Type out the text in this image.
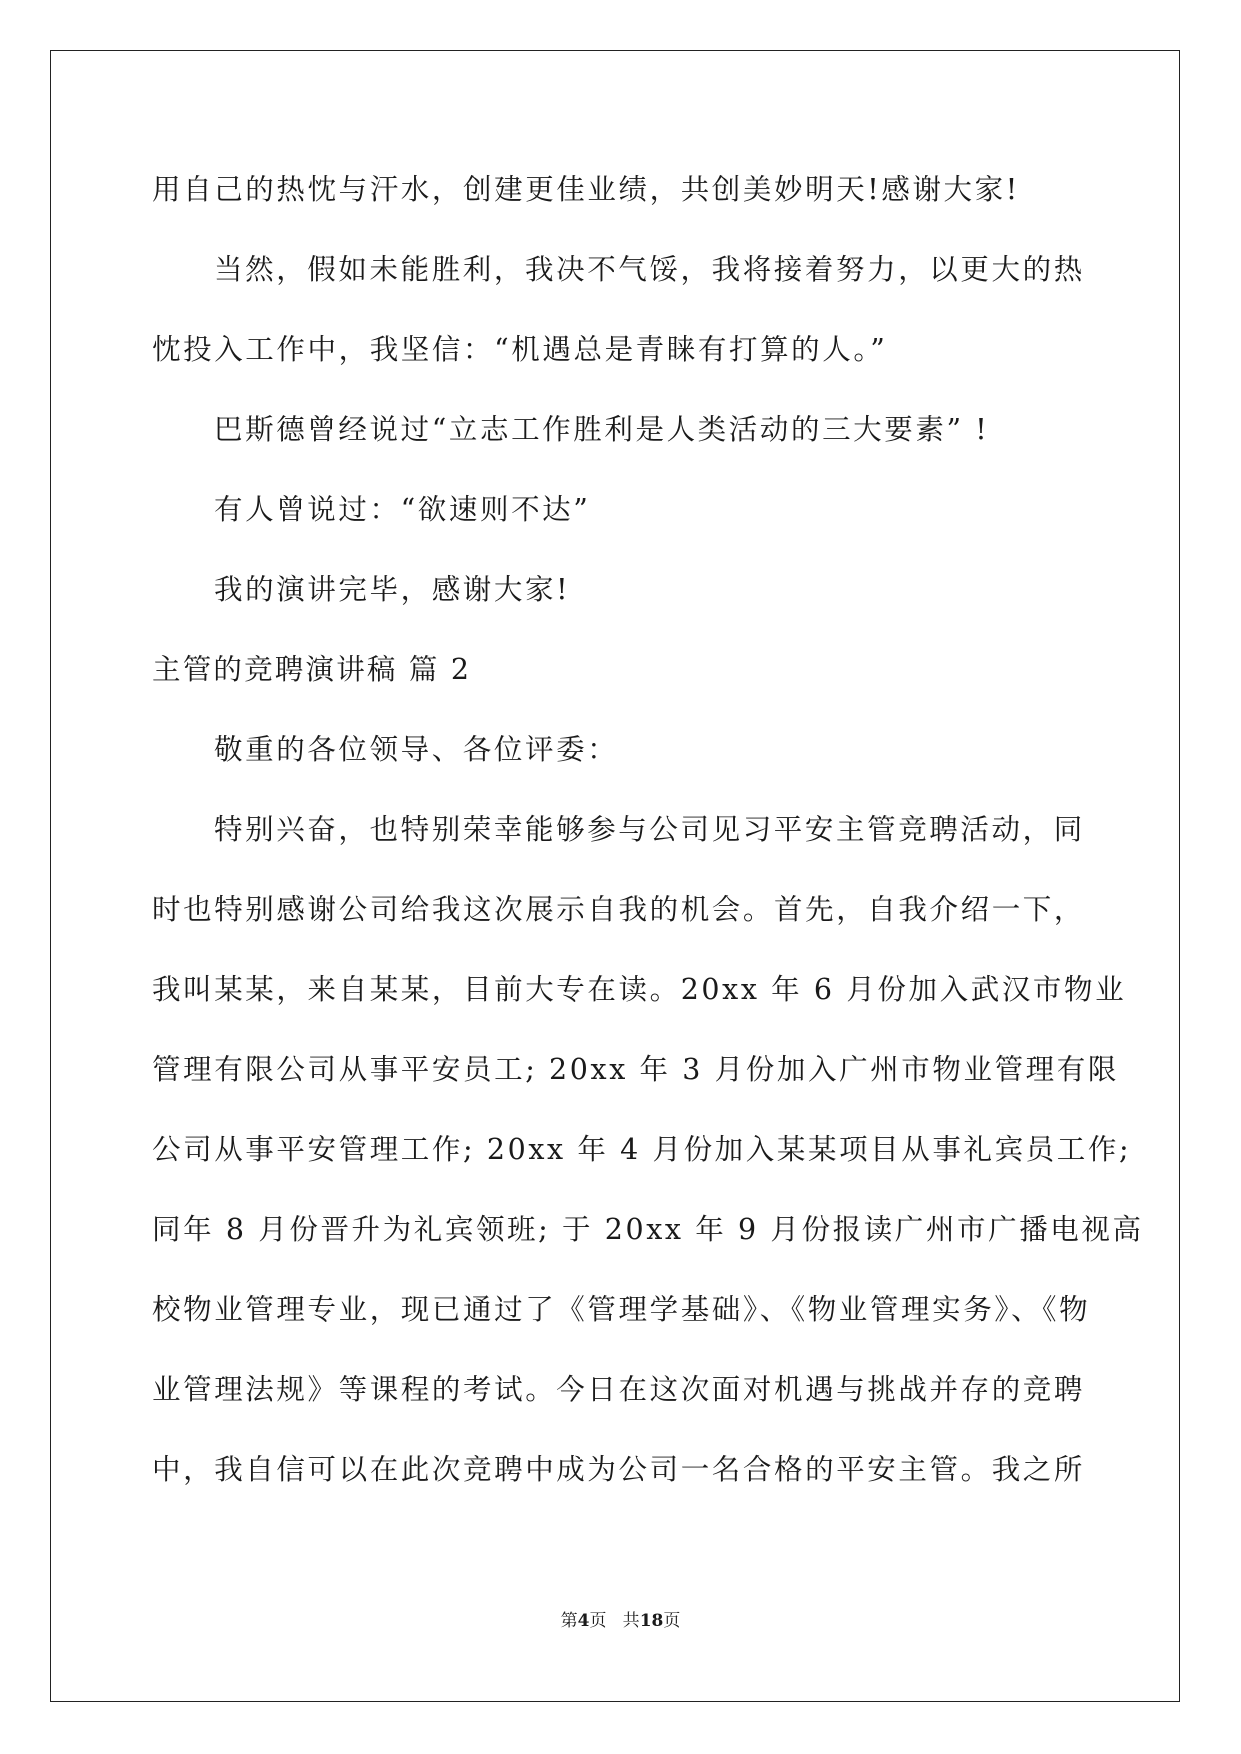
用自己的热忱与汗水，创建更佳业绩，共创美妙明天!感谢大家!
当然，假如未能胜利，我决不气馁，我将接着努力，以更大的热
忱投入工作中，我坚信：“机遇总是青睐有打算的人。”
巴斯德曾经说过“立志工作胜利是人类活动的三大要素” !
有人曾说过：“欲速则不达”
我的演讲完毕，感谢大家!
主管的竞聘演讲稿 篇 2
敬重的各位领导、各位评委：
特别兴奋，也特别荣幸能够参与公司见习平安主管竞聘活动，同
时也特别感谢公司给我这次展示自我的机会。首先，自我介绍一下，
我叫某某，来自某某，目前大专在读。20xx 年 6 月份加入武汉市物业
管理有限公司从事平安员工; 20xx 年 3 月份加入广州市物业管理有限
公司从事平安管理工作; 20xx 年 4 月份加入某某项目从事礼宾员工作;
同年 8 月份晋升为礼宾领班; 于 20xx 年 9 月份报读广州市广播电视高
校物业管理专业，现已通过了《管理学基础》、《物业管理实务》、《物
业管理法规》等课程的考试。今日在这次面对机遇与挑战并存的竞聘
中，我自信可以在此次竞聘中成为公司一名合格的平安主管。我之所
第4页   共18页
